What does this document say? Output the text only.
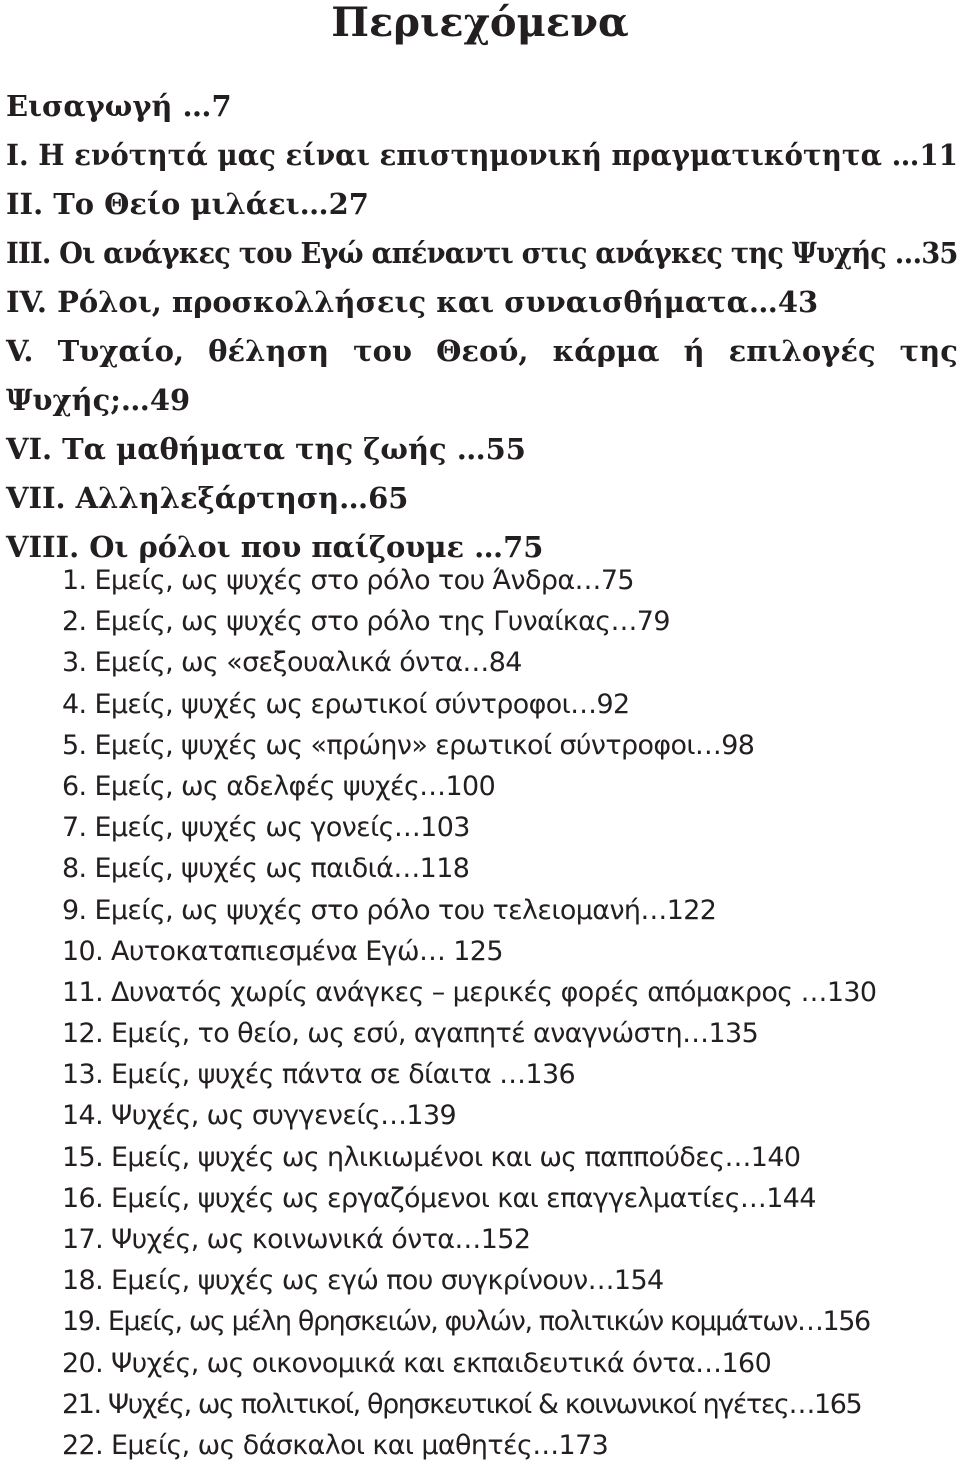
Περιεχόμενα
Εισαγωγή …7
I. Η ενότητά μας είναι επιστημονική πραγματικότητα …11
II. Το Θείο μιλάει…27
III. Οι ανάγκες του Εγώ απέναντι στις ανάγκες της Ψυχής …35
IV. Ρόλοι, προσκολλήσεις και συναισθήματα…43
V. Τυχαίο, θέληση του Θεού, κάρμα ή επιλογές της
Ψυχής;…49
VI. Τα μαθήματα της ζωής …55
VII. Αλληλεξάρτηση…65
VIII. Οι ρόλοι που παίζουμε …75
1. Εμείς, ως ψυχές στο ρόλο του Άνδρα…75
2. Εμείς, ως ψυχές στο ρόλο της Γυναίκας…79
3. Εμείς, ως «σεξουαλικά όντα…84
4. Εμείς, ψυχές ως ερωτικοί σύντροφοι…92
5. Εμείς, ψυχές ως «πρώην» ερωτικοί σύντροφοι…98
6. Εμείς, ως αδελφές ψυχές…100
7. Εμείς, ψυχές ως γονείς…103
8. Εμείς, ψυχές ως παιδιά…118
9. Εμείς, ως ψυχές στο ρόλο του τελειομανή…122
10. Αυτοκαταπιεσμένα Εγώ… 125
11. Δυνατός χωρίς ανάγκες – μερικές φορές απόμακρος …130
12. Εμείς, το θείο, ως εσύ, αγαπητέ αναγνώστη…135
13. Εμείς, ψυχές πάντα σε δίαιτα …136
14. Ψυχές, ως συγγενείς…139
15. Εμείς, ψυχές ως ηλικιωμένοι και ως παππούδες…140
16. Εμείς, ψυχές ως εργαζόμενοι και επαγγελματίες…144
17. Ψυχές, ως κοινωνικά όντα…152
18. Εμείς, ψυχές ως εγώ που συγκρίνουν…154
19. Εμείς, ως μέλη θρησκειών, φυλών, πολιτικών κομμάτων…156
20. Ψυχές, ως οικονομικά και εκπαιδευτικά όντα…160
21. Ψυχές, ως πολιτικοί, θρησκευτικοί & κοινωνικοί ηγέτες…165
22. Εμείς, ως δάσκαλοι και μαθητές…173
